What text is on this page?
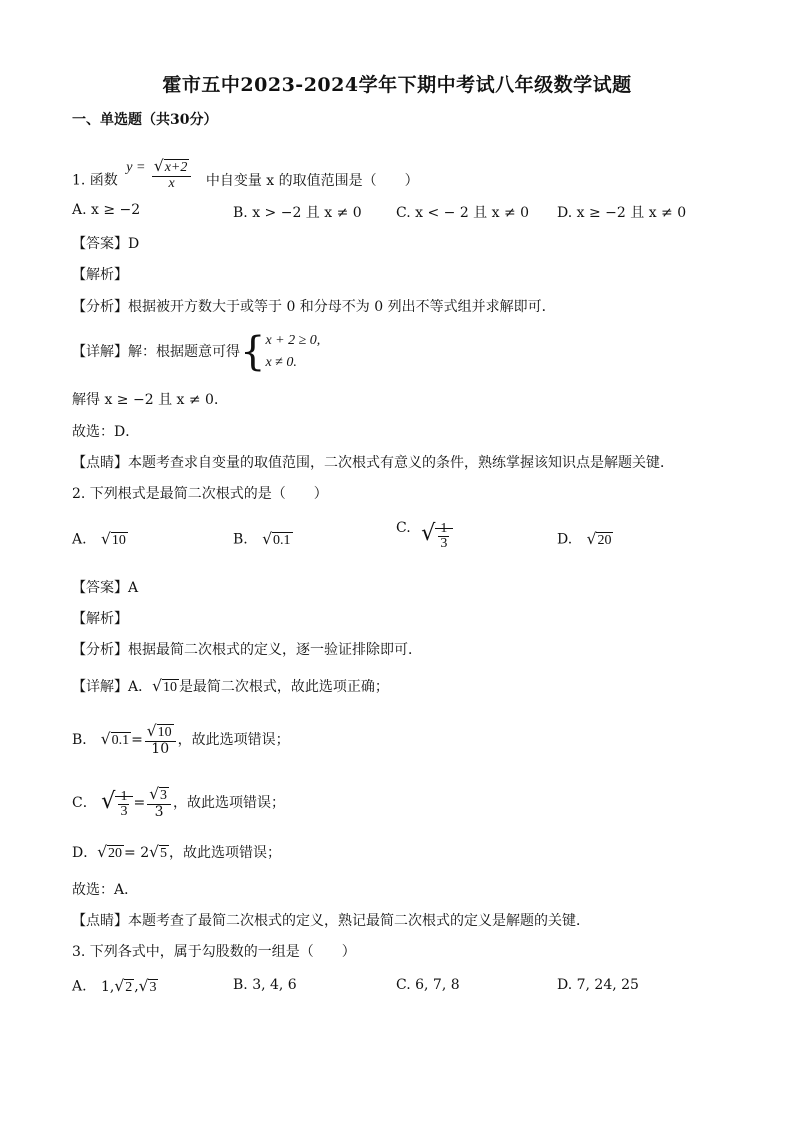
霍市五中2023-2024学年下期中考试八年级数学试题
一、单选题（共30分）
1. 函数 $y = \frac{√x+2}{x}$ 中自变量 x 的取值范围是（　　）
A. x ≥ −2	B. x > −2 且 x ≠ 0 C. x < − 2 且 x ≠ 0 D. x ≥ −2 且 x ≠ 0
【答案】D
【解析】
【分析】根据被开方数大于或等于 0 和分母不为 0 列出不等式组并求解即可．
【详解】解：根据题意可得{ x + 2 ≥ 0,
x ≠ 0.
解得 x ≥ −2 且 x ≠ 0．
故选：D．
【点睛】本题考查求自变量的取值范围，二次根式有意义的条件，熟练掌握该知识点是解题关键．
2. 下列根式是最简二次根式的是（　　）
A. √10	B. √0.1
C. √ $\frac{1}{3}$	D. √20
【答案】A
【解析】
【分析】根据最简二次根式的定义，逐一验证排除即可．
【详解】A．√10 是最简二次根式，故此选项正确；
B． $√0.1 = \frac{√10}{10}$ ，故此选项错误；
C． √ $\frac{1}{3} = \frac{√3}{3}$ ，故此选项错误；
D．√20 = 2√5 ，故此选项错误；
故选：A．
【点睛】本题考查了最简二次根式的定义，熟记最简二次根式的定义是解题的关键．
3. 下列各式中，属于勾股数的一组是（　　）
A. 1,√2 ,√3	B. 3, 4, 6	C. 6, 7, 8	D. 7, 24, 25
